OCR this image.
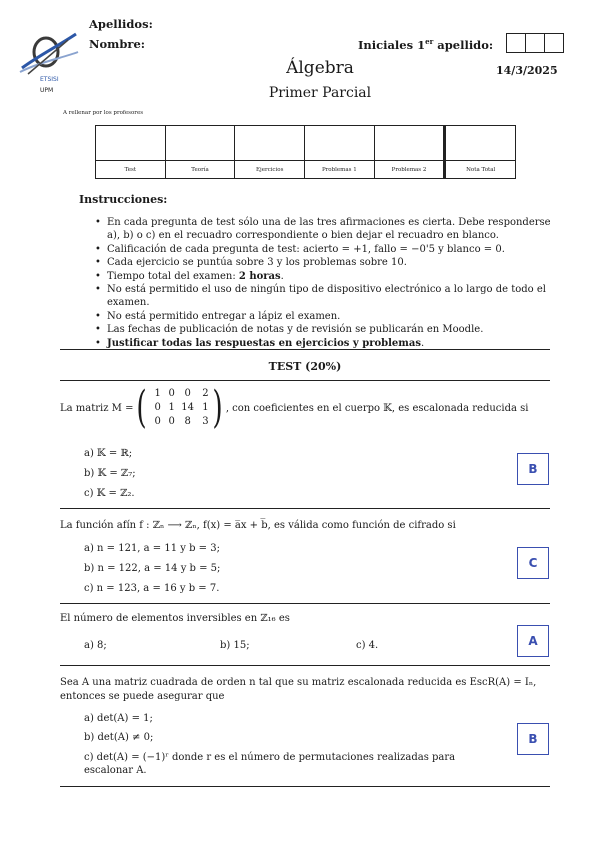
ETSISI
UPM
Apellidos:
Nombre:	Iniciales 1er apellido:
Álgebra	14/3/2025
Primer Parcial
A rellenar por los profesores
Test	Teoría	Ejercicios	Problemas 1	Problemas 2	Nota Total
Instrucciones:
• En cada pregunta de test sólo una de las tres afirmaciones es cierta. Debe responderse a), b) o c) en el recuadro correspondiente o bien dejar el recuadro en blanco.
• Calificación de cada pregunta de test: acierto = +1, fallo = −0'5 y blanco = 0.
• Cada ejercicio se puntúa sobre 3 y los problemas sobre 10.
• Tiempo total del examen: 2 horas.
• No está permitido el uso de ningún tipo de dispositivo electrónico a lo largo de todo el examen.
• No está permitido entregar a lápiz el examen.
• Las fechas de publicación de notas y de revisión se publicarán en Moodle.
• Justificar todas las respuestas en ejercicios y problemas.
TEST (20%)
La matriz M = ( 1 0 0	2
0 1 14 1
0 0 8	3 ) , con coeficientes en el cuerpo 𝕂, es escalonada reducida si
a) 𝕂 = ℝ;
b) 𝕂 = ℤ₇;
c) 𝕂 = ℤ₂.
B
La función afín f : ℤₙ ⟶ ℤₙ, f(x) = a̅x + b̅, es válida como función de cifrado si
a) n = 121, a = 11 y b = 3;
b) n = 122, a = 14 y b = 5;
c) n = 123, a = 16 y b = 7.
C
El número de elementos inversibles en ℤ₁₆ es
a) 8;	b) 15;	c) 4.	A
Sea A una matriz cuadrada de orden n tal que su matriz escalonada reducida es EscR(A) = Iₙ, entonces se puede asegurar que
a) det(A) = 1;
b) det(A) ≠ 0;
c) det(A) = (−1)ʳ donde r es el número de permutaciones realizadas para escalonar A.
B
